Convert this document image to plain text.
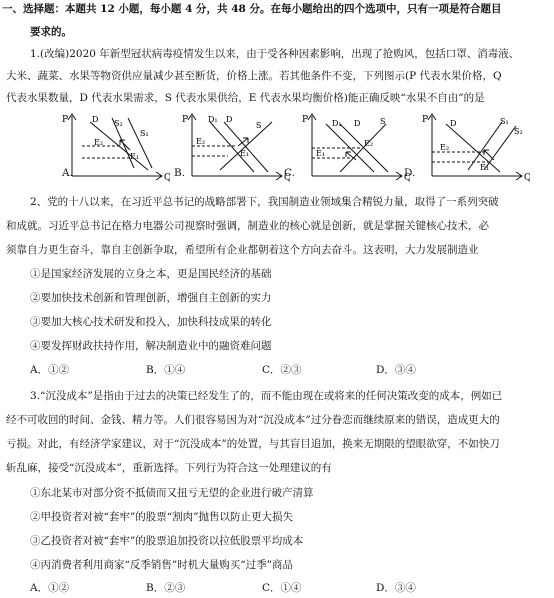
一、选择题：本题共 12 小题，每小题 4 分，共 48 分。在每小题给出的四个选项中，只有一项是符合题目
要求的。
1.(改编)2020 年新型冠状病毒疫情发生以来，由于受各种因素影响，出现了抢购风，包括口罩、消毒液、
大米、蔬菜、水果等物资供应量减少甚至断货，价格上涨。若其他条件不变，下列图示(P 代表水果价格，Q
代表水果数量，D 代表水果需求，S 代表水果供给，E 代表水果均衡价格)能正确反映“水果不自由”的是
P
Q
S₂
S₁
E₂
E₁
D
A.
P
Q
D₁ D
S
E₂
E₁
B.
P
Q
D₁ D S
E₁
E₂
C.
P
Q
D	S₁
S₂
E₂
E₁
D.
2、党的十八以来，在习近平总书记的战略部署下，我国制造业领域集合精锐力量，取得了一系列突破
和成就。习近平总书记在格力电器公司视察时强调，制造业的核心就是创新，就是掌握关键核心技术，必
须靠自力更生奋斗，靠自主创新争取，希望所有企业都朝着这个方向去奋斗。这表明，大力发展制造业
①是国家经济发展的立身之本，更是国民经济的基础
②要加快技术创新和管理创新，增强自主创新的实力
③要加大核心技术研发和投入，加快科技成果的转化
④要发挥财政扶持作用，解决制造业中的融资难问题
A．①②	B．①④	C．②③	D．③④
3.“沉没成本”是指由于过去的决策已经发生了的，而不能由现在或将来的任何决策改变的成本，例如已
经不可收回的时间、金钱、精力等。人们很容易因为对“沉没成本”过分眷恋而继续原来的错误，造成更大的
亏损。对此，有经济学家建议，对于“沉没成本”的处置，与其盲目追加，换来无期限的望眼欲穿，不如快刀
斩乱麻，接受“沉没成本”，重新选择。下列行为符合这一处理建议的有
①东北某市对部分资不抵债而又扭亏无望的企业进行破产清算
②甲投资者对被“套牢”的股票“割肉”抛售以防止更大损失
③乙投资者对被“套牢”的股票追加投资以拉低股票平均成本
④丙消费者利用商家“反季销售”时机大量购买“过季”商品
A．①②	B．②③	C．①④	D．③④
